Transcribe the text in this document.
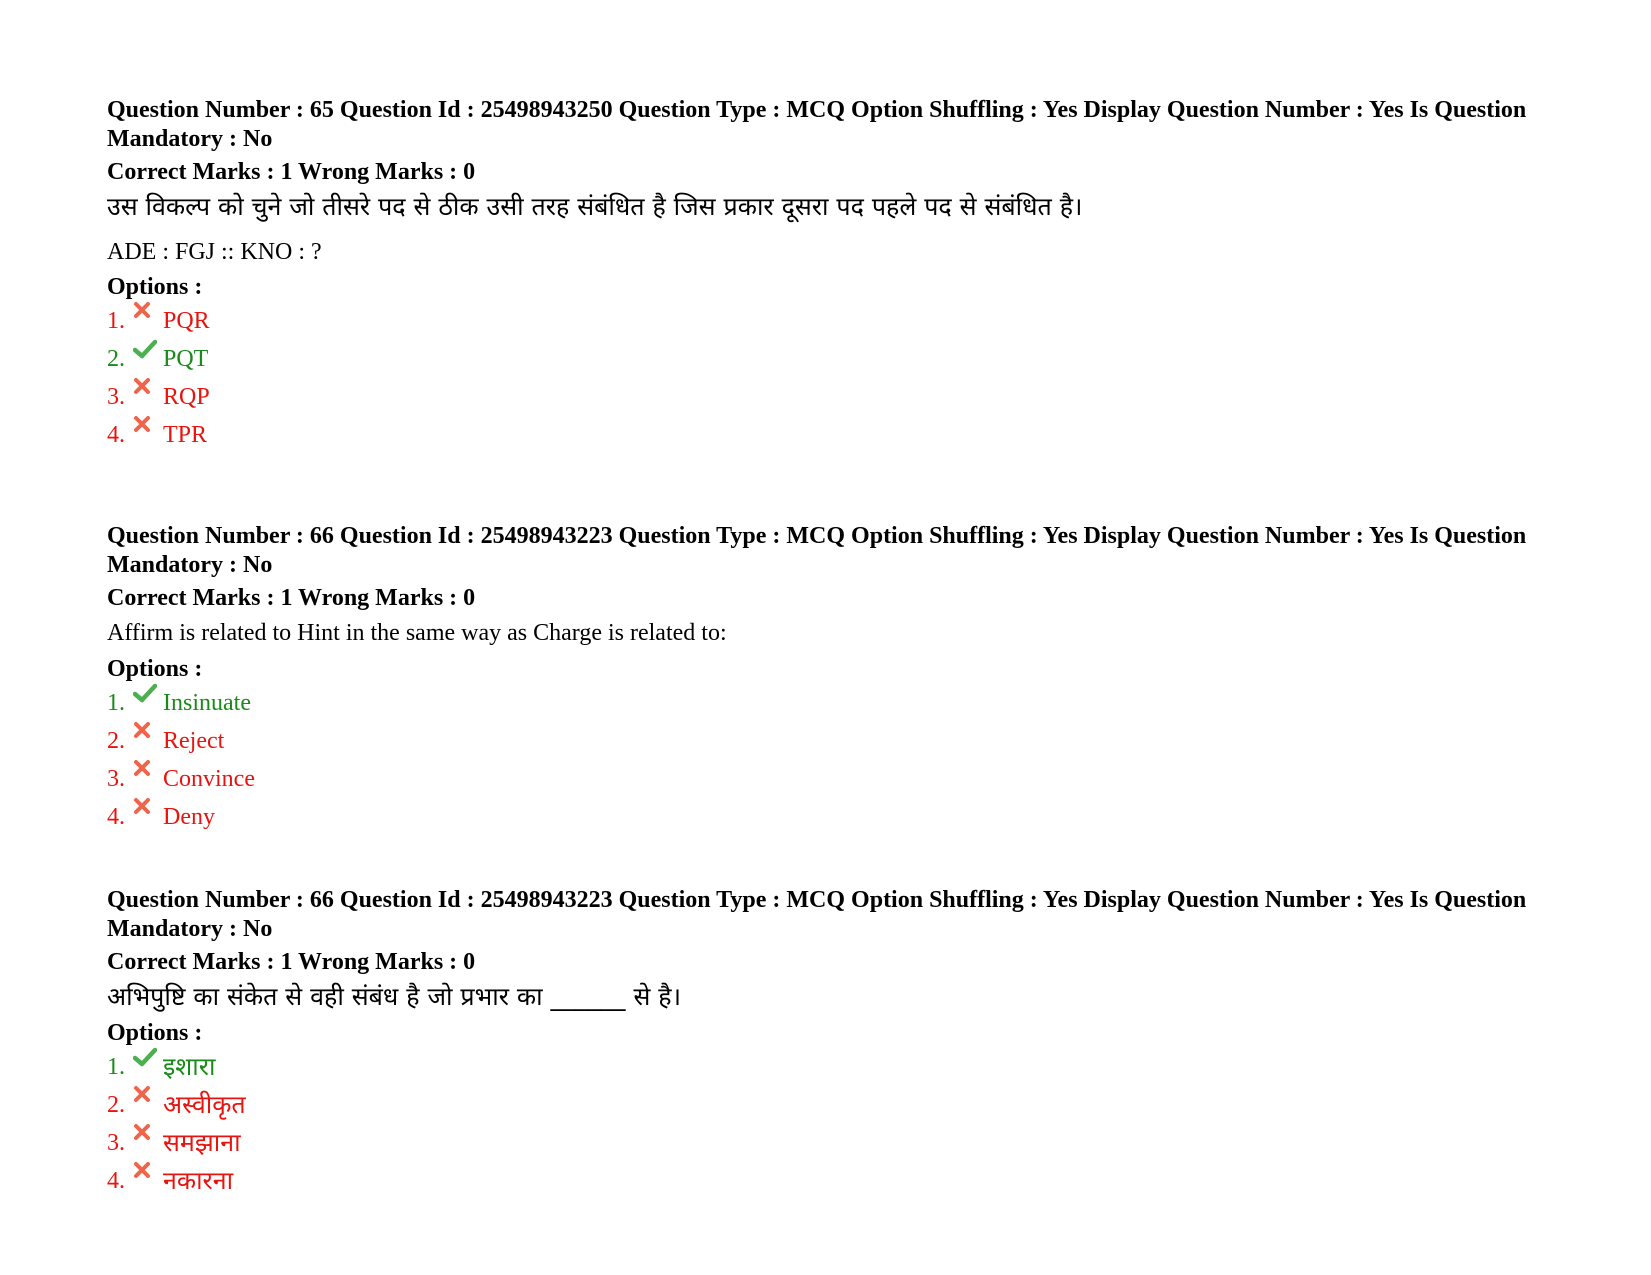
Question Number : 65 Question Id : 25498943250 Question Type : MCQ Option Shuffling : Yes Display Question Number : Yes Is Question Mandatory : No
Correct Marks : 1 Wrong Marks : 0
उस विकल्प को चुने जो तीसरे पद से ठीक उसी तरह संबंधित है जिस प्रकार दूसरा पद पहले पद से संबंधित है।
ADE : FGJ :: KNO : ?
Options :
1.	PQR
2.	PQT
3.	RQP
4.	TPR
Question Number : 66 Question Id : 25498943223 Question Type : MCQ Option Shuffling : Yes Display Question Number : Yes Is Question Mandatory : No
Correct Marks : 1 Wrong Marks : 0
Affirm is related to Hint in the same way as Charge is related to:
Options :
1.	Insinuate
2.	Reject
3.	Convince
4.	Deny
Question Number : 66 Question Id : 25498943223 Question Type : MCQ Option Shuffling : Yes Display Question Number : Yes Is Question Mandatory : No
Correct Marks : 1 Wrong Marks : 0
अभिपुष्टि का संकेत से वही संबंध है जो प्रभार का ______ से है।
Options :
1.	इशारा
2.	अस्वीकृत
3.	समझाना
4.	नकारना
